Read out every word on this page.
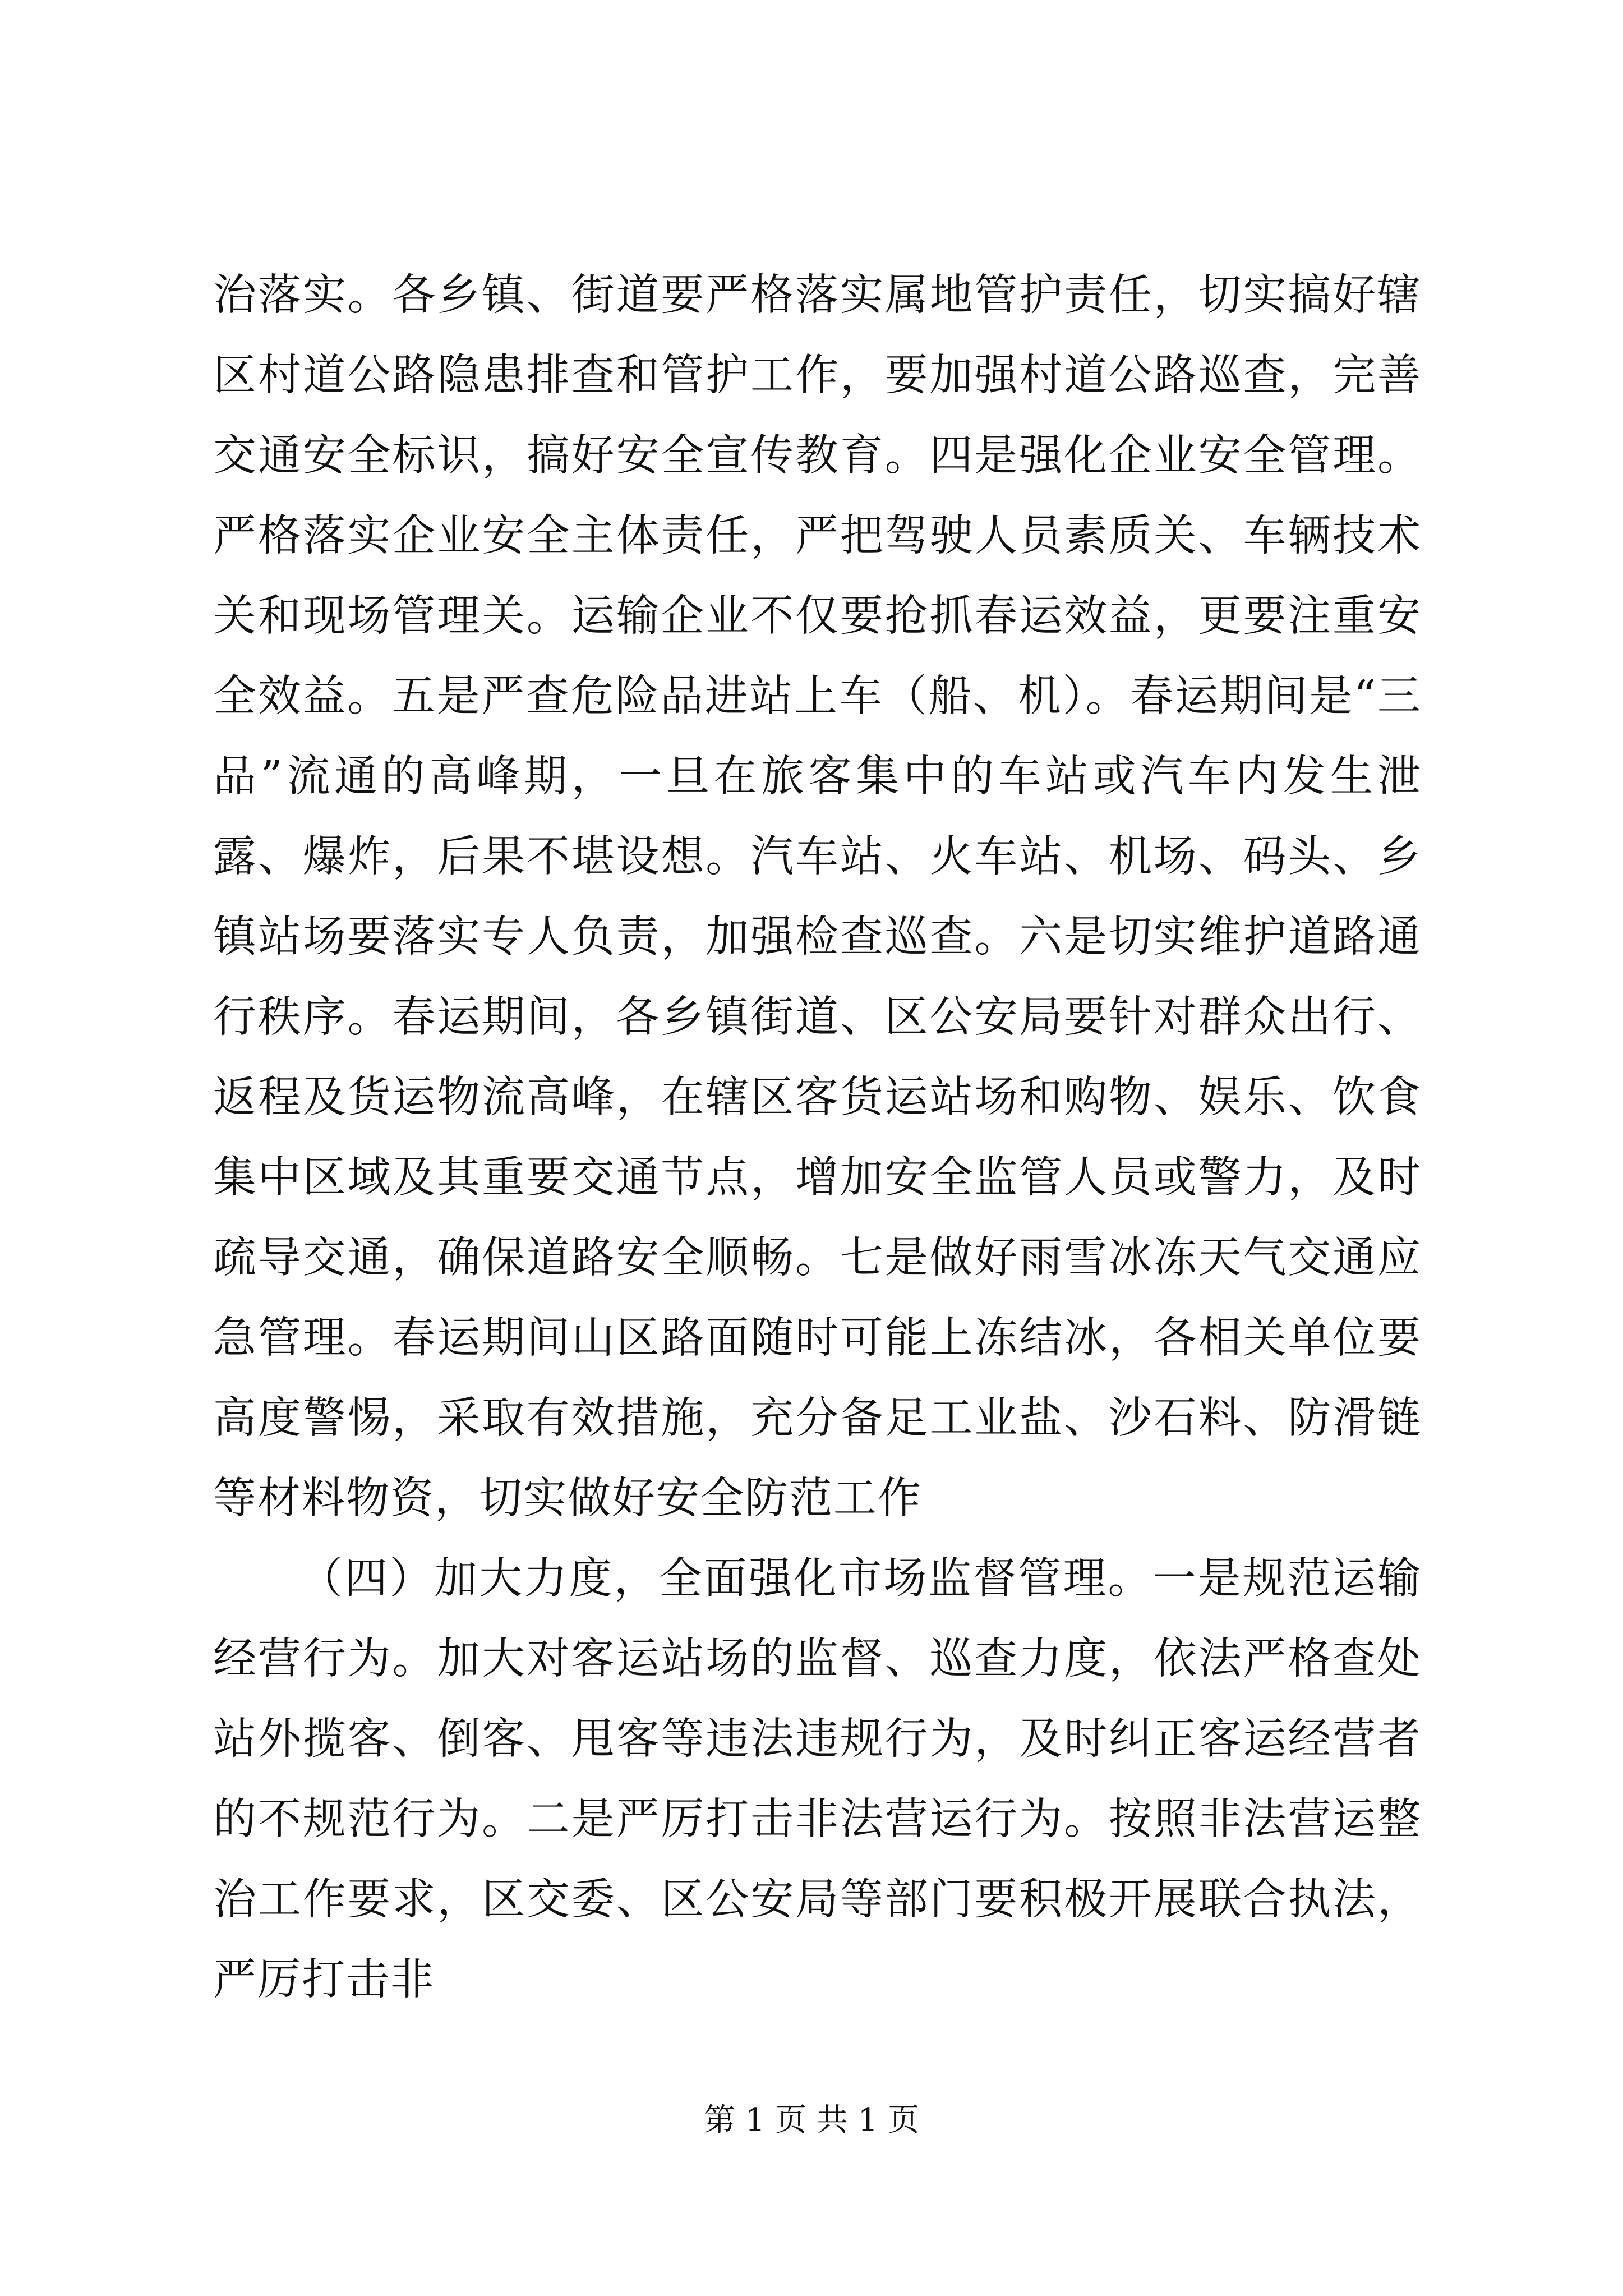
治落实。各乡镇、街道要严格落实属地管护责任，切实搞好辖区村道公路隐患排查和管护工作，要加强村道公路巡查，完善交通安全标识，搞好安全宣传教育。四是强化企业安全管理。严格落实企业安全主体责任，严把驾驶人员素质关、车辆技术关和现场管理关。运输企业不仅要抢抓春运效益，更要注重安全效益。五是严查危险品进站上车（船、机）。春运期间是“三品”流通的高峰期，一旦在旅客集中的车站或汽车内发生泄露、爆炸，后果不堪设想。汽车站、火车站、机场、码头、乡镇站场要落实专人负责，加强检查巡查。六是切实维护道路通行秩序。春运期间，各乡镇街道、区公安局要针对群众出行、返程及货运物流高峰，在辖区客货运站场和购物、娱乐、饮食集中区域及其重要交通节点，增加安全监管人员或警力，及时疏导交通，确保道路安全顺畅。七是做好雨雪冰冻天气交通应急管理。春运期间山区路面随时可能上冻结冰，各相关单位要高度警惕，采取有效措施，充分备足工业盐、沙石料、防滑链等材料物资，切实做好安全防范工作

（四）加大力度，全面强化市场监督管理。一是规范运输经营行为。加大对客运站场的监督、巡查力度，依法严格查处站外揽客、倒客、甩客等违法违规行为，及时纠正客运经营者的不规范行为。二是严厉打击非法营运行为。按照非法营运整治工作要求，区交委、区公安局等部门要积极开展联合执法，严厉打击非

第 1 页 共 1 页
